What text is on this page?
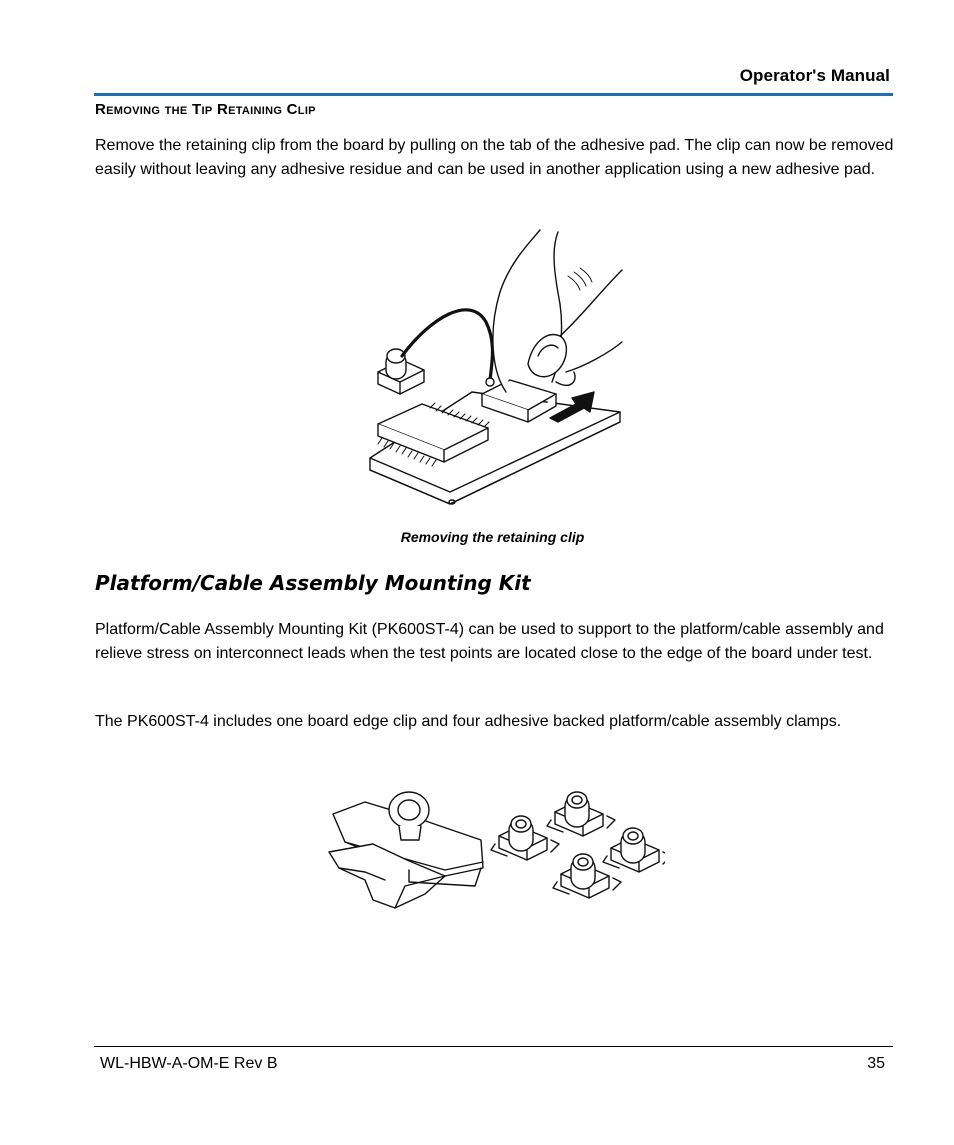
Operator's Manual
Removing the Tip Retaining Clip
Remove the retaining clip from the board by pulling on the tab of the adhesive pad. The clip can now be removed easily without leaving any adhesive residue and can be used in another application using a new adhesive pad.
Removing the retaining clip
Platform/Cable Assembly Mounting Kit
Platform/Cable Assembly Mounting Kit (PK600ST-4) can be used to support to the platform/cable assembly and relieve stress on interconnect leads when the test points are located close to the edge of the board under test.
The PK600ST-4 includes one board edge clip and four adhesive backed platform/cable assembly clamps.
WL-HBW-A-OM-E Rev B	35
